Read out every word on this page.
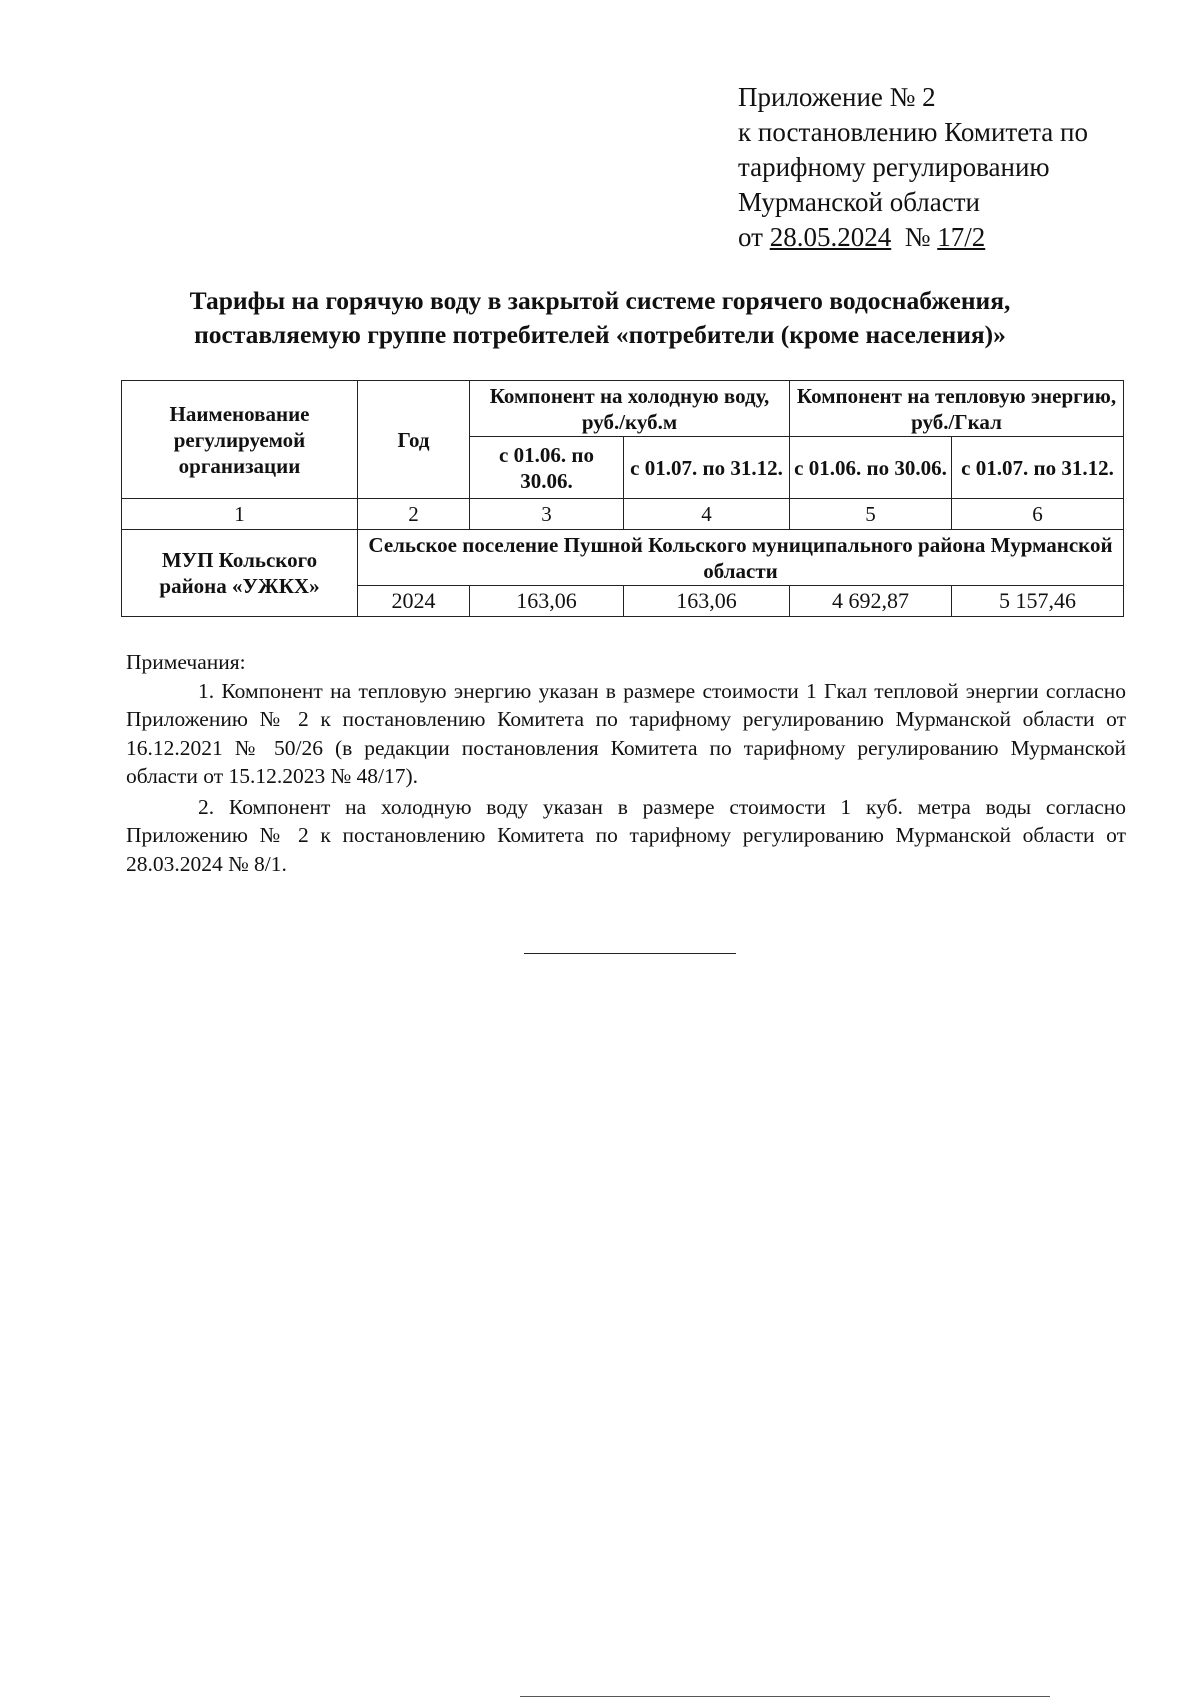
Приложение № 2
к постановлению Комитета по
тарифному регулированию
Мурманской области
от 28.05.2024 № 17/2
Тарифы на горячую воду в закрытой системе горячего водоснабжения,
поставляемую группе потребителей «потребители (кроме населения)»
Наименование регулируемой организации	Год	Компонент на холодную воду, руб./куб.м		Компонент на тепловую энергию, руб./Гкал	
		с 01.06. по 30.06.	с 01.07. по 31.12.	с 01.06. по 30.06.	с 01.07. по 31.12.
1	2	3	4	5	6
МУП Кольского района «УЖКХ»	Сельское поселение Пушной Кольского муниципального района Мурманской области				
	2024	163,06	163,06	4 692,87	5 157,46
Примечания:

1. Компонент на тепловую энергию указан в размере стоимости 1 Гкал тепловой энергии согласно Приложению № 2 к постановлению Комитета по тарифному регулированию Мурманской области от 16.12.2021 № 50/26 (в редакции постановления Комитета по тарифному регулированию Мурманской области от 15.12.2023 № 48/17).

2. Компонент на холодную воду указан в размере стоимости 1 куб. метра воды согласно Приложению № 2 к постановлению Комитета по тарифному регулированию Мурманской области от 28.03.2024 № 8/1.
